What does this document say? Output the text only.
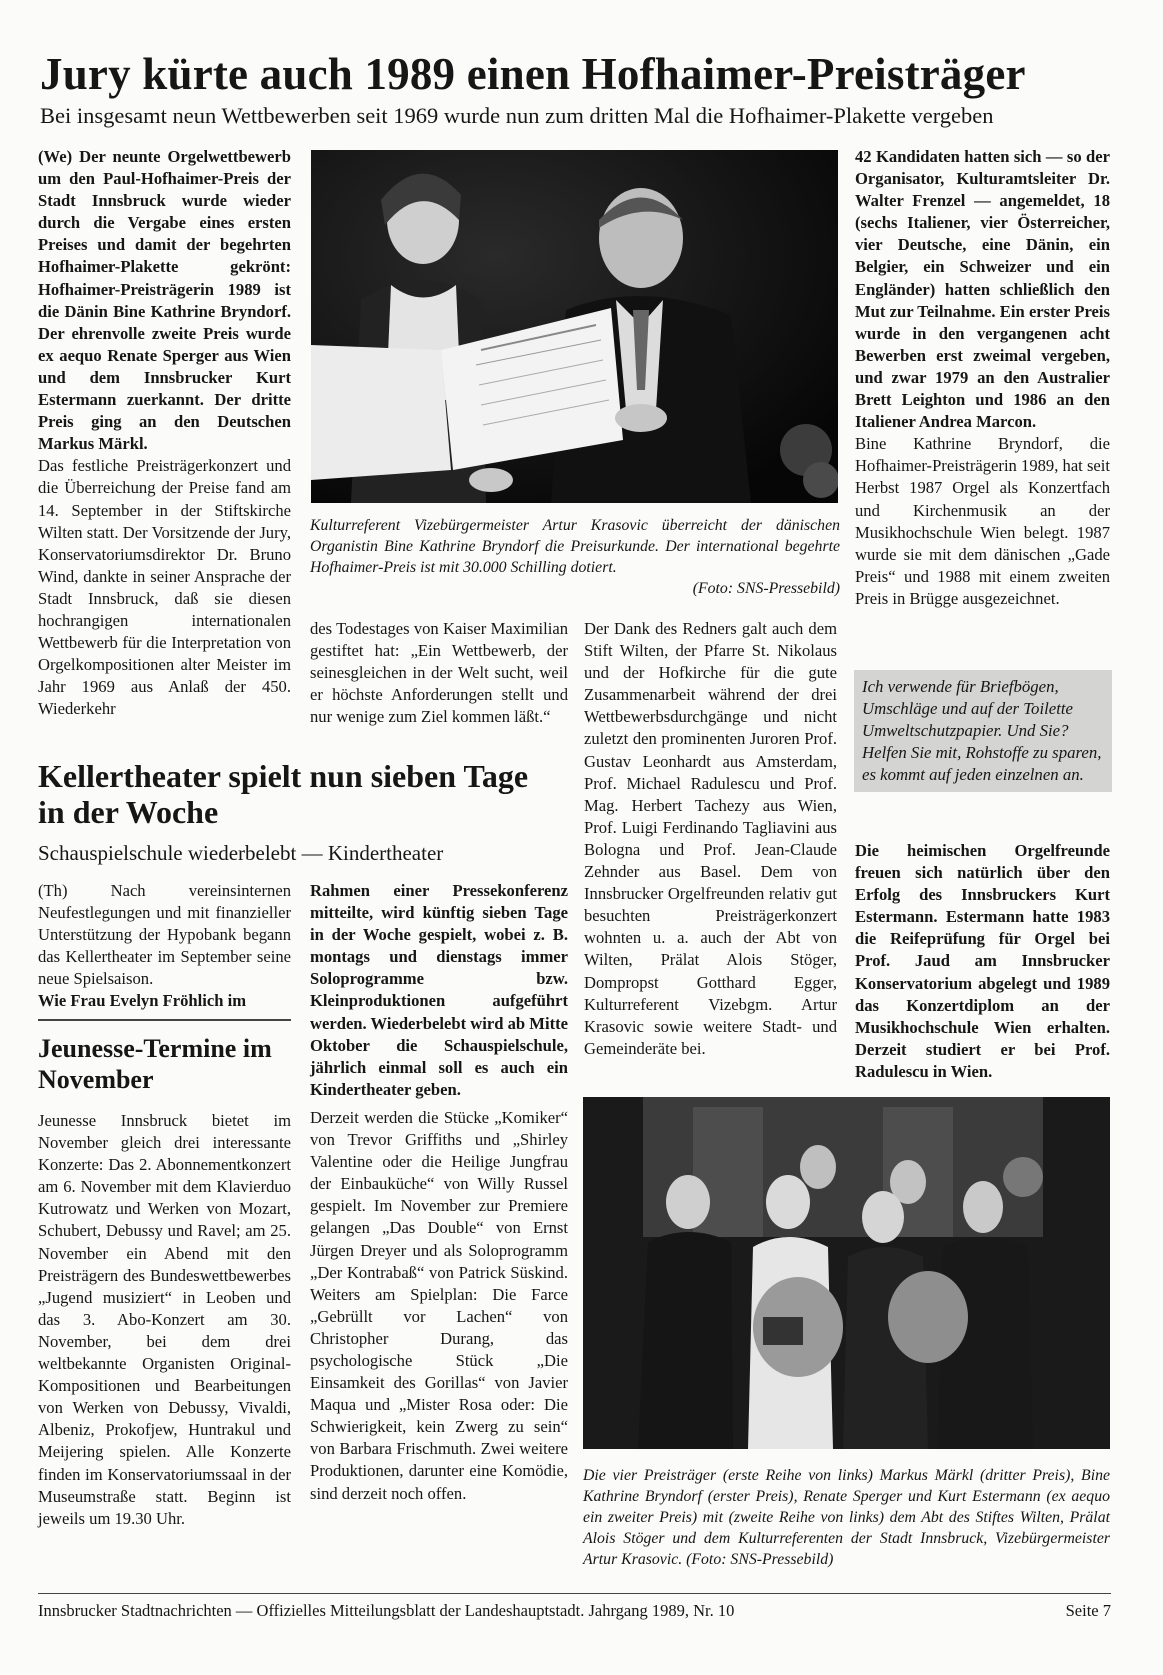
Jury kürte auch 1989 einen Hofhaimer-Preisträger
Bei insgesamt neun Wettbewerben seit 1969 wurde nun zum dritten Mal die Hofhaimer-Plakette vergeben

(We) Der neunte Orgelwettbewerb um den Paul-Hofhaimer-Preis der Stadt Innsbruck wurde wieder durch die Vergabe eines ersten Preises und damit der begehrten Hofhaimer-Plakette gekrönt: Hofhaimer-Preisträgerin 1989 ist die Dänin Bine Kathrine Bryndorf. Der ehrenvolle zweite Preis wurde ex aequo Renate Sperger aus Wien und dem Innsbrucker Kurt Estermann zuerkannt. Der dritte Preis ging an den Deutschen Markus Märkl.

Das festliche Preisträgerkonzert und die Überreichung der Preise fand am 14. September in der Stiftskirche Wilten statt. Der Vorsitzende der Jury, Konservatoriumsdirektor Dr. Bruno Wind, dankte in seiner Ansprache der Stadt Innsbruck, daß sie diesen hochrangigen internationalen Wettbewerb für die Interpretation von Orgelkompositionen alter Meister im Jahr 1969 aus Anlaß der 450. Wiederkehr

Kulturreferent Vizebürgermeister Artur Krasovic überreicht der dänischen Organistin Bine Kathrine Bryndorf die Preisurkunde. Der international begehrte Hofhaimer-Preis ist mit 30.000 Schilling dotiert.
(Foto: SNS-Pressebild)

des Todestages von Kaiser Maximilian gestiftet hat: „Ein Wettbewerb, der seinesgleichen in der Welt sucht, weil er höchste Anforderungen stellt und nur wenige zum Ziel kommen läßt.“

Der Dank des Redners galt auch dem Stift Wilten, der Pfarre St. Nikolaus und der Hofkirche für die gute Zusammenarbeit während der drei Wettbewerbsdurchgänge und nicht zuletzt den prominenten Juroren Prof. Gustav Leonhardt aus Amsterdam, Prof. Michael Radulescu und Prof. Mag. Herbert Tachezy aus Wien, Prof. Luigi Ferdinando Tagliavini aus Bologna und Prof. Jean-Claude Zehnder aus Basel. Dem von Innsbrucker Orgelfreunden relativ gut besuchten Preisträgerkonzert wohnten u. a. auch der Abt von Wilten, Prälat Alois Stöger, Dompropst Gotthard Egger, Kulturreferent Vizebgm. Artur Krasovic sowie weitere Stadt- und Gemeinderäte bei.

42 Kandidaten hatten sich — so der Organisator, Kulturamtsleiter Dr. Walter Frenzel — angemeldet, 18 (sechs Italiener, vier Österreicher, vier Deutsche, eine Dänin, ein Belgier, ein Schweizer und ein Engländer) hatten schließlich den Mut zur Teilnahme. Ein erster Preis wurde in den vergangenen acht Bewerben erst zweimal vergeben, und zwar 1979 an den Australier Brett Leighton und 1986 an den Italiener Andrea Marcon.

Bine Kathrine Bryndorf, die Hofhaimer-Preisträgerin 1989, hat seit Herbst 1987 Orgel als Konzertfach und Kirchenmusik an der Musikhochschule Wien belegt. 1987 wurde sie mit dem dänischen „Gade Preis“ und 1988 mit einem zweiten Preis in Brügge ausgezeichnet.

Ich verwende für Briefbögen, Umschläge und auf der Toilette Umweltschutzpapier. Und Sie? Helfen Sie mit, Rohstoffe zu sparen, es kommt auf jeden einzelnen an.

Die heimischen Orgelfreunde freuen sich natürlich über den Erfolg des Innsbruckers Kurt Estermann. Estermann hatte 1983 die Reifeprüfung für Orgel bei Prof. Jaud am Innsbrucker Konservatorium abgelegt und 1989 das Konzertdiplom an der Musikhochschule Wien erhalten. Derzeit studiert er bei Prof. Radulescu in Wien.

Kellertheater spielt nun sieben Tage in der Woche
Schauspielschule wiederbelebt — Kindertheater

(Th) Nach vereinsinternen Neufestlegungen und mit finanzieller Unterstützung der Hypobank begann das Kellertheater im September seine neue Spielsaison.

Wie Frau Evelyn Fröhlich im

Rahmen einer Pressekonferenz mitteilte, wird künftig sieben Tage in der Woche gespielt, wobei z. B. montags und dienstags immer Soloprogramme bzw. Kleinproduktionen aufgeführt werden. Wiederbelebt wird ab Mitte Oktober die Schauspielschule, jährlich einmal soll es auch ein Kindertheater geben.

Derzeit werden die Stücke „Komiker“ von Trevor Griffiths und „Shirley Valentine oder die Heilige Jungfrau der Einbauküche“ von Willy Russel gespielt. Im November zur Premiere gelangen „Das Double“ von Ernst Jürgen Dreyer und als Soloprogramm „Der Kontrabaß“ von Patrick Süskind. Weiters am Spielplan: Die Farce „Gebrüllt vor Lachen“ von Christopher Durang, das psychologische Stück „Die Einsamkeit des Gorillas“ von Javier Maqua und „Mister Rosa oder: Die Schwierigkeit, kein Zwerg zu sein“ von Barbara Frischmuth. Zwei weitere Produktionen, darunter eine Komödie, sind derzeit noch offen.

Jeunesse-Termine im November

Jeunesse Innsbruck bietet im November gleich drei interessante Konzerte: Das 2. Abonnementkonzert am 6. November mit dem Klavierduo Kutrowatz und Werken von Mozart, Schubert, Debussy und Ravel; am 25. November ein Abend mit den Preisträgern des Bundeswettbewerbes „Jugend musiziert“ in Leoben und das 3. Abo-Konzert am 30. November, bei dem drei weltbekannte Organisten Original-Kompositionen und Bearbeitungen von Werken von Debussy, Vivaldi, Albeniz, Prokofjew, Huntrakul und Meijering spielen. Alle Konzerte finden im Konservatoriumssaal in der Museumstraße statt. Beginn ist jeweils um 19.30 Uhr.

Die vier Preisträger (erste Reihe von links) Markus Märkl (dritter Preis), Bine Kathrine Bryndorf (erster Preis), Renate Sperger und Kurt Estermann (ex aequo ein zweiter Preis) mit (zweite Reihe von links) dem Abt des Stiftes Wilten, Prälat Alois Stöger und dem Kulturreferenten der Stadt Innsbruck, Vizebürgermeister Artur Krasovic. (Foto: SNS-Pressebild)
Innsbrucker Stadtnachrichten — Offizielles Mitteilungsblatt der Landeshauptstadt. Jahrgang 1989, Nr. 10	Seite 7
